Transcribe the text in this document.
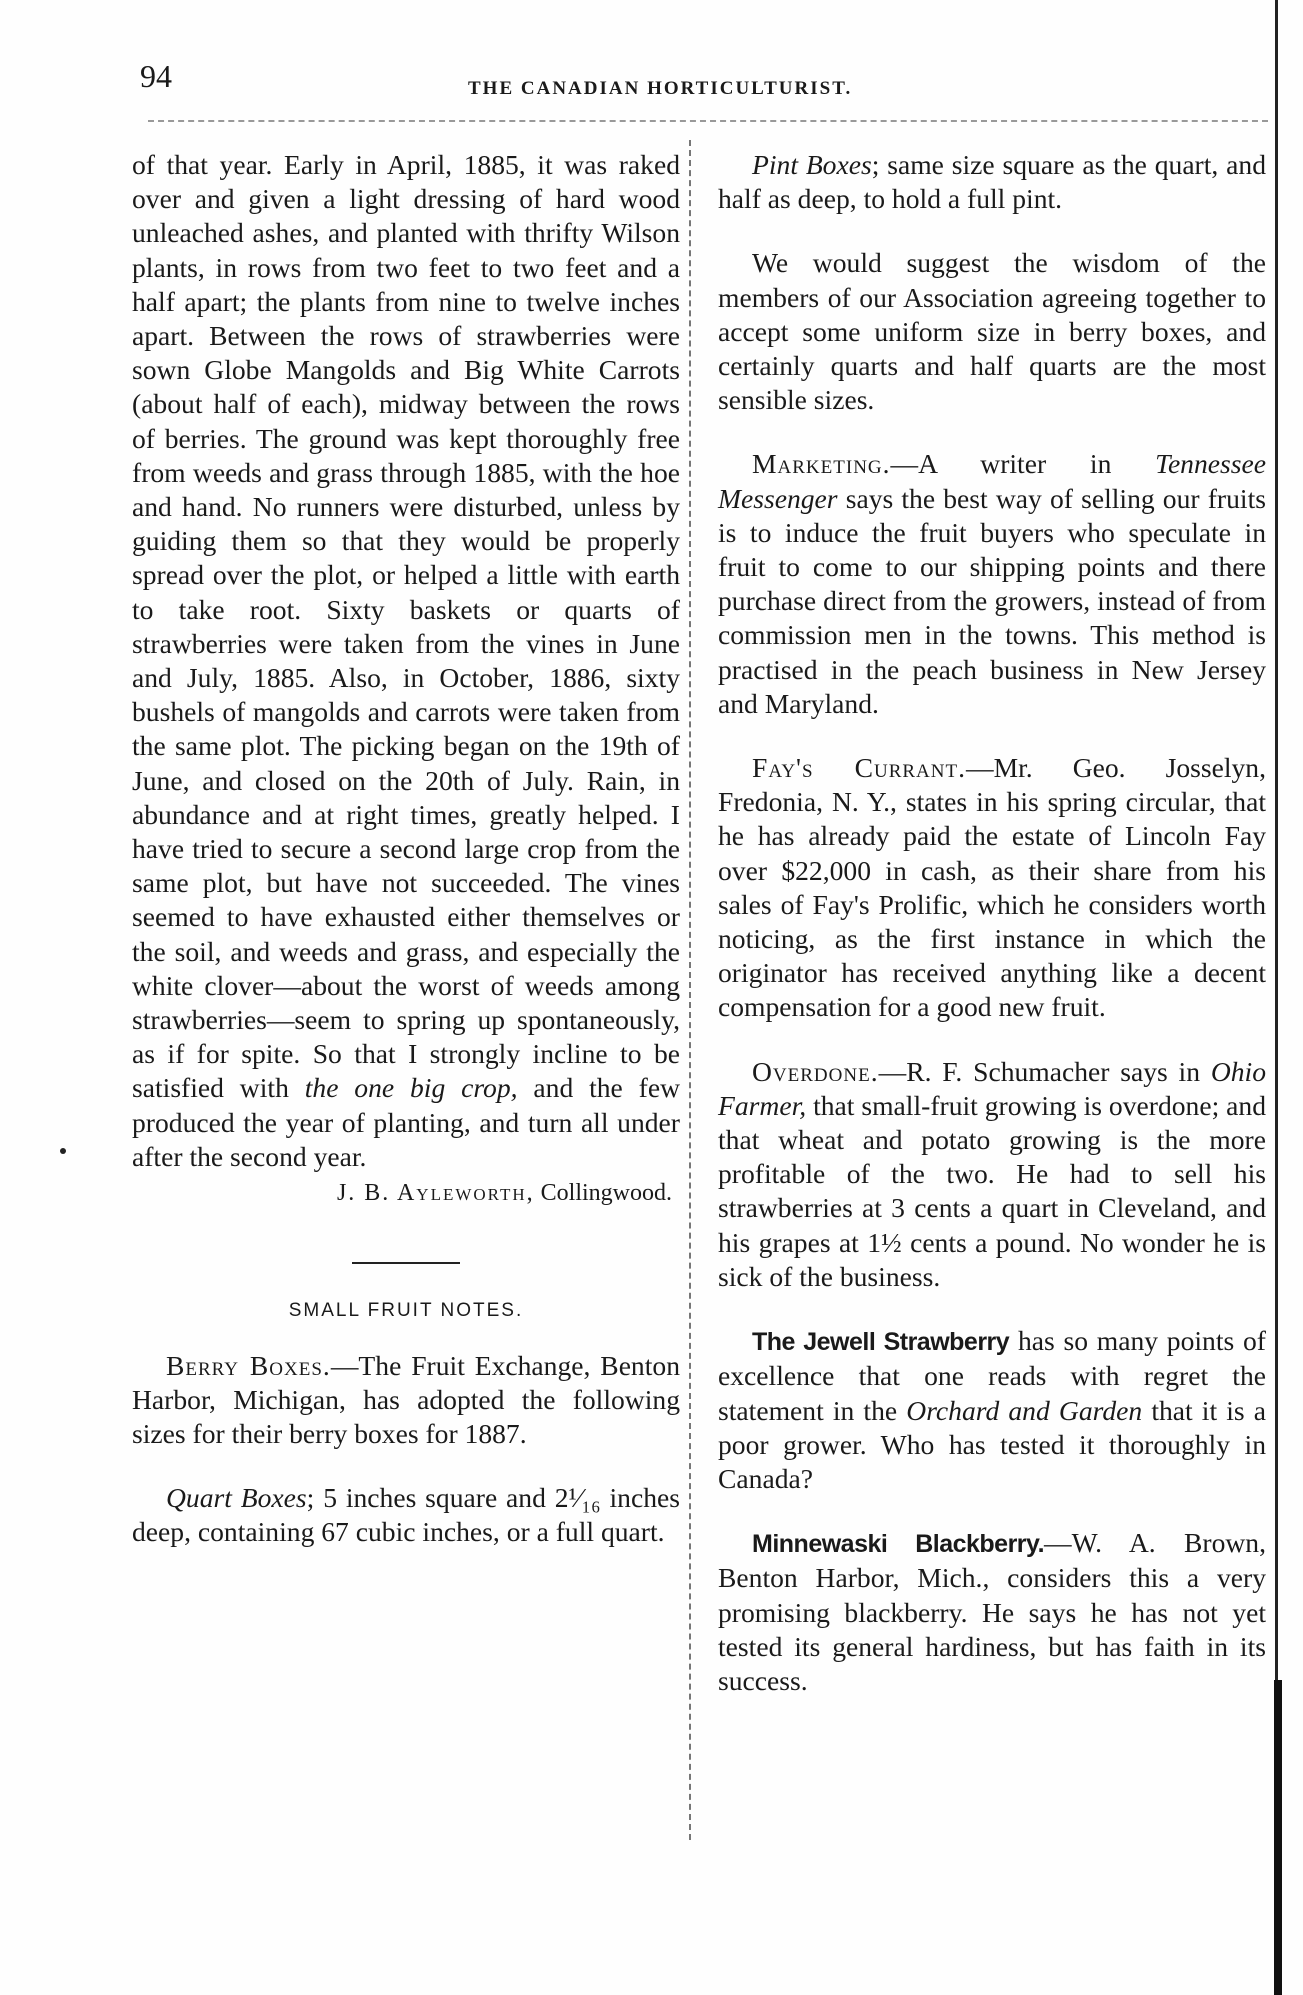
94	THE CANADIAN HORTICULTURIST.

of that year. Early in April, 1885, it was raked over and given a light dressing of hard wood unleached ashes, and planted with thrifty Wilson plants, in rows from two feet to two feet and a half apart; the plants from nine to twelve inches apart. Between the rows of strawberries were sown Globe Mangolds and Big White Carrots (about half of each), midway between the rows of berries. The ground was kept thoroughly free from weeds and grass through 1885, with the hoe and hand. No runners were disturbed, unless by guiding them so that they would be properly spread over the plot, or helped a little with earth to take root. Sixty baskets or quarts of strawberries were taken from the vines in June and July, 1885. Also, in October, 1886, sixty bushels of mangolds and carrots were taken from the same plot. The picking began on the 19th of June, and closed on the 20th of July. Rain, in abundance and at right times, greatly helped. I have tried to secure a second large crop from the same plot, but have not succeeded. The vines seemed to have exhausted either themselves or the soil, and weeds and grass, and especially the white clover—about the worst of weeds among strawberries—seem to spring up spontaneously, as if for spite. So that I strongly incline to be satisfied with the one big crop, and the few produced the year of planting, and turn all under after the second year.

J. B. Aylewortн, Collingwood.

SMALL FRUIT NOTES.

Berry Boxes.—The Fruit Exchange, Benton Harbor, Michigan, has adopted the following sizes for their berry boxes for 1887.

Quart Boxes; 5 inches square and 2¹⁄₁₆ inches deep, containing 67 cubic inches, or a full quart.

Pint Boxes; same size square as the quart, and half as deep, to hold a full pint.

We would suggest the wisdom of the members of our Association agreeing together to accept some uniform size in berry boxes, and certainly quarts and half quarts are the most sensible sizes.

Marketing.—A writer in Tennessee Messenger says the best way of selling our fruits is to induce the fruit buyers who speculate in fruit to come to our shipping points and there purchase direct from the growers, instead of from commission men in the towns. This method is practised in the peach business in New Jersey and Maryland.

Fay's Currant.—Mr. Geo. Josselyn, Fredonia, N. Y., states in his spring circular, that he has already paid the estate of Lincoln Fay over $22,000 in cash, as their share from his sales of Fay's Prolific, which he considers worth noticing, as the first instance in which the originator has received anything like a decent compensation for a good new fruit.

Overdone.—R. F. Schumacher says in Ohio Farmer, that small-fruit growing is overdone; and that wheat and potato growing is the more profitable of the two. He had to sell his strawberries at 3 cents a quart in Cleveland, and his grapes at 1½ cents a pound. No wonder he is sick of the business.

The Jewell Strawberry has so many points of excellence that one reads with regret the statement in the Orchard and Garden that it is a poor grower. Who has tested it thoroughly in Canada?

Minnewaski Blackberry.—W. A. Brown, Benton Harbor, Mich., considers this a very promising blackberry. He says he has not yet tested its general hardiness, but has faith in its success.
